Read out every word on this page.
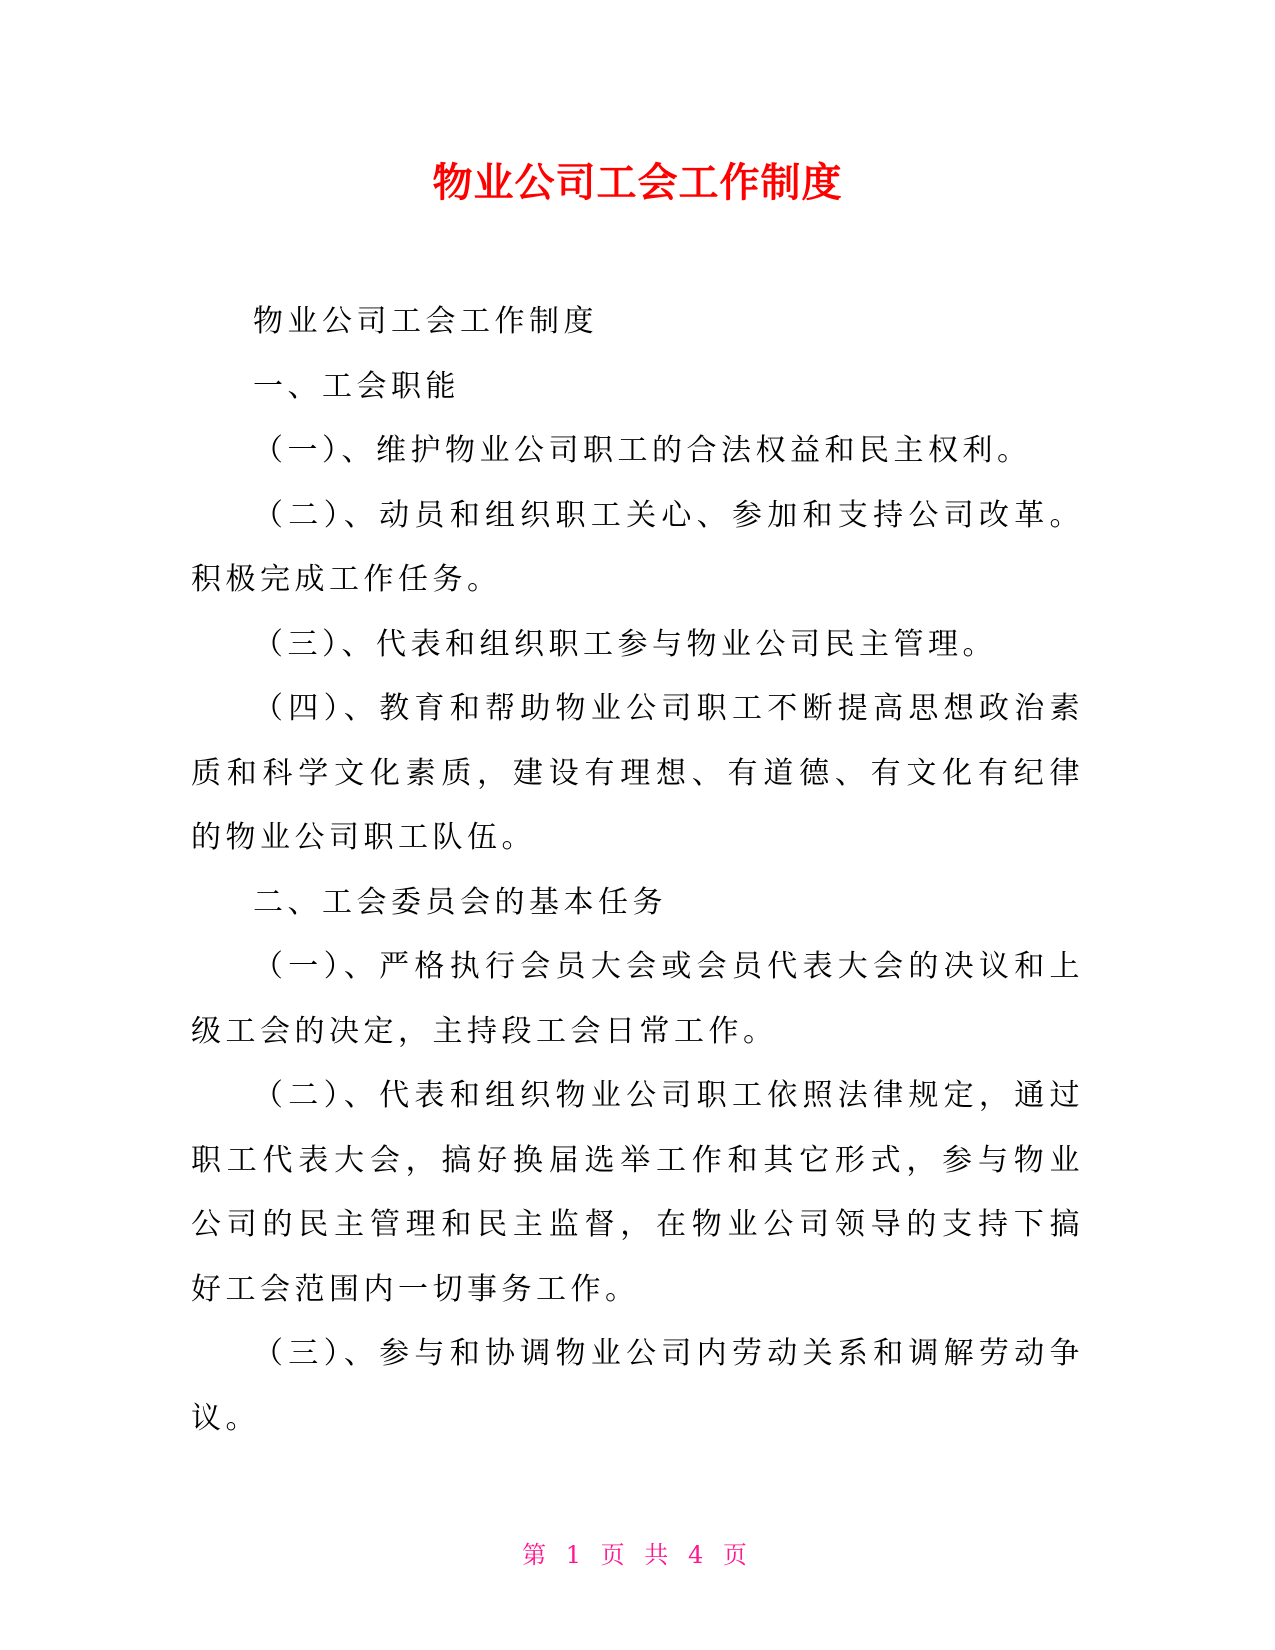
物业公司工会工作制度

物业公司工会工作制度

一、工会职能

（一）、维护物业公司职工的合法权益和民主权利。

（二）、动员和组织职工关心、参加和支持公司改革。积极完成工作任务。

（三）、代表和组织职工参与物业公司民主管理。

（四）、教育和帮助物业公司职工不断提高思想政治素质和科学文化素质，建设有理想、有道德、有文化有纪律的物业公司职工队伍。

二、工会委员会的基本任务

（一）、严格执行会员大会或会员代表大会的决议和上级工会的决定，主持段工会日常工作。

（二）、代表和组织物业公司职工依照法律规定，通过职工代表大会，搞好换届选举工作和其它形式，参与物业公司的民主管理和民主监督，在物业公司领导的支持下搞好工会范围内一切事务工作。

（三）、参与和协调物业公司内劳动关系和调解劳动争议。

第 1 页 共 4 页
